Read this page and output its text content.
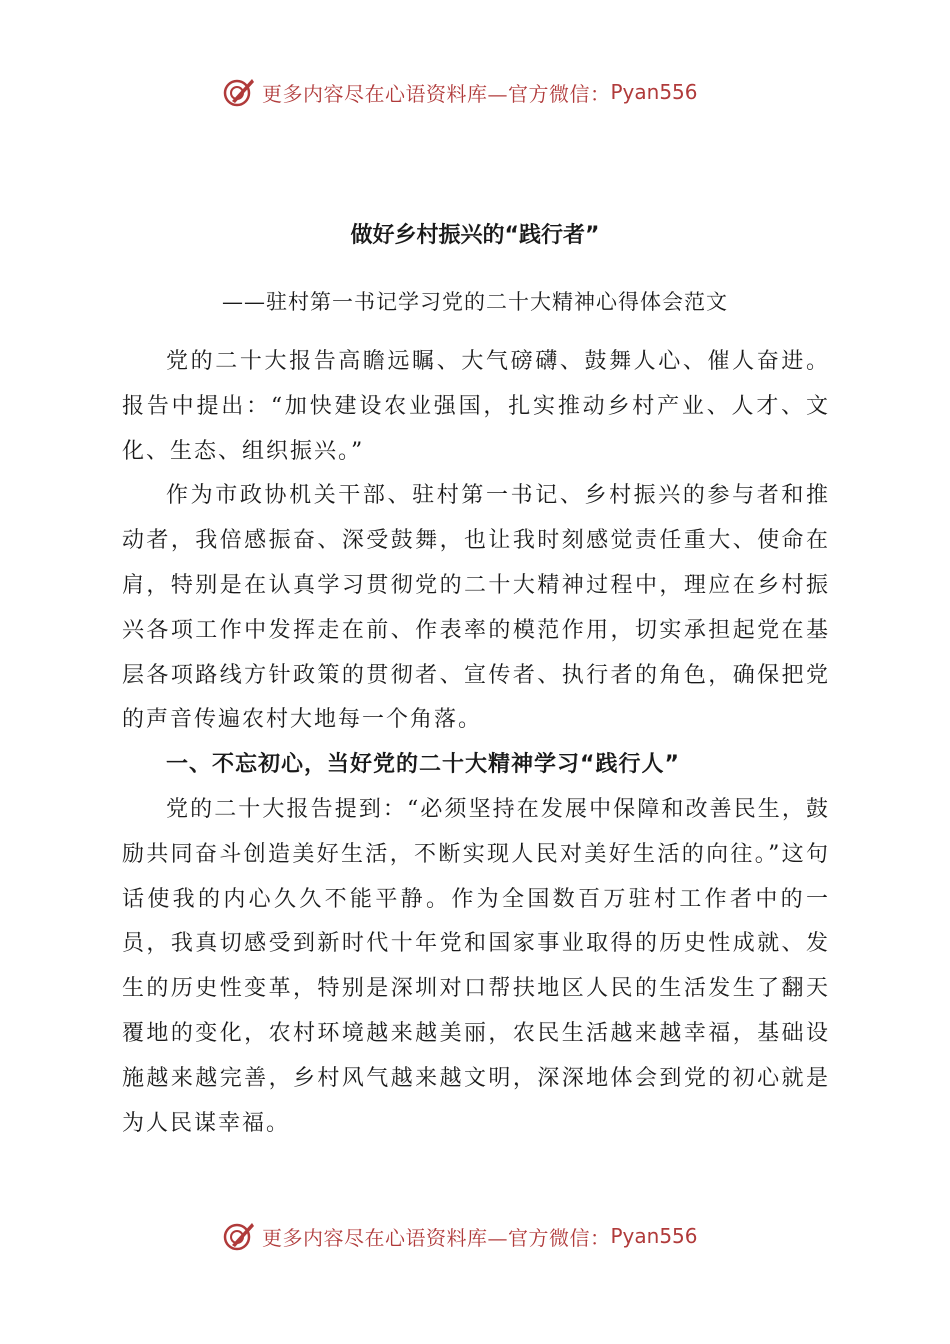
更多内容尽在心语资料库—官方微信： Pyan556
做好乡村振兴的“践行者”
——驻村第一书记学习党的二十大精神心得体会范文

党的二十大报告高瞻远瞩、大气磅礴、鼓舞人心、催人奋进。报告中提出：“加快建设农业强国，扎实推动乡村产业、人才、文化、生态、组织振兴。”

作为市政协机关干部、驻村第一书记、乡村振兴的参与者和推动者，我倍感振奋、深受鼓舞，也让我时刻感觉责任重大、使命在肩，特别是在认真学习贯彻党的二十大精神过程中，理应在乡村振兴各项工作中发挥走在前、作表率的模范作用，切实承担起党在基层各项路线方针政策的贯彻者、宣传者、执行者的角色，确保把党的声音传遍农村大地每一个角落。

一、不忘初心，当好党的二十大精神学习“践行人”

党的二十大报告提到：“必须坚持在发展中保障和改善民生，鼓励共同奋斗创造美好生活，不断实现人民对美好生活的向往。”这句话使我的内心久久不能平静。作为全国数百万驻村工作者中的一员，我真切感受到新时代十年党和国家事业取得的历史性成就、发生的历史性变革，特别是深圳对口帮扶地区人民的生活发生了翻天覆地的变化，农村环境越来越美丽，农民生活越来越幸福，基础设施越来越完善，乡村风气越来越文明，深深地体会到党的初心就是为人民谋幸福。

更多内容尽在心语资料库—官方微信： Pyan556
